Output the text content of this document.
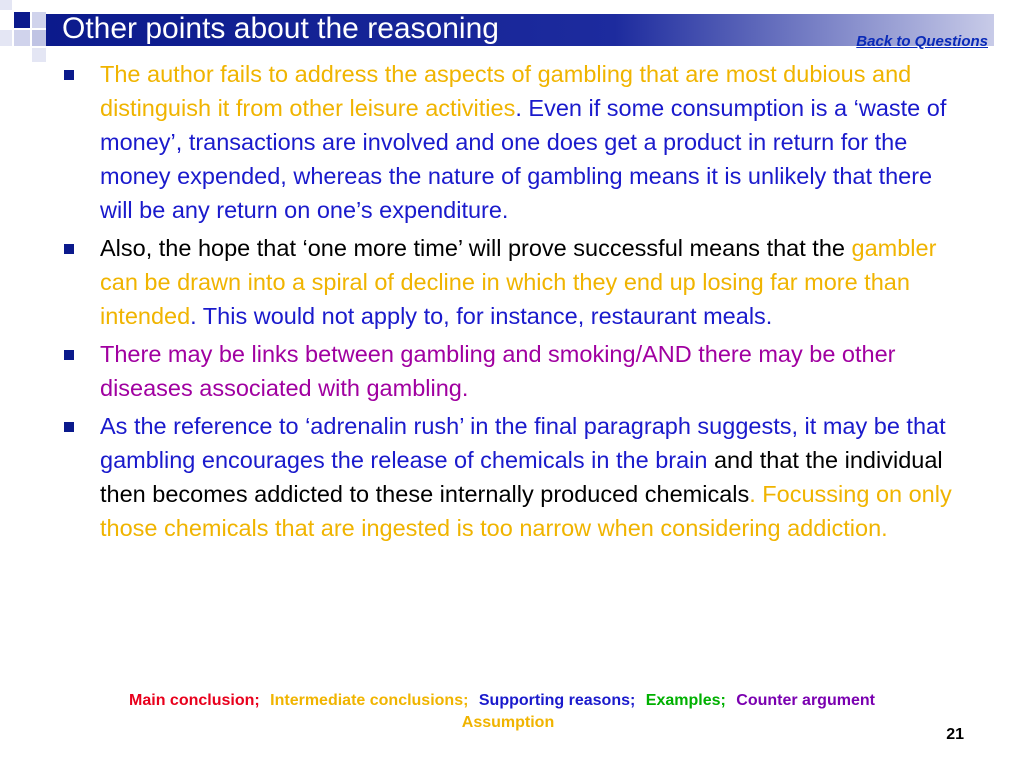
Other points about the reasoning	Back to Questions
The author fails to address the aspects of gambling that are most dubious and distinguish it from other leisure activities. Even if some consumption is a ‘waste of money’, transactions are involved and one does get a product in return for the money expended, whereas the nature of gambling means it is unlikely that there will be any return on one’s expenditure.
Also, the hope that ‘one more time’ will prove successful means that the gambler can be drawn into a spiral of decline in which they end up losing far more than intended. This would not apply to, for instance, restaurant meals.
There may be links between gambling and smoking/AND there may be other diseases associated with gambling.
As the reference to ‘adrenalin rush’ in the final paragraph suggests, it may be that gambling encourages the release of chemicals in the brain and that the individual then becomes addicted to these internally produced chemicals. Focussing on only those chemicals that are ingested is too narrow when considering addiction.
Main conclusion; Intermediate conclusions; Supporting reasons; Examples; Counter argument
Assumption
21
